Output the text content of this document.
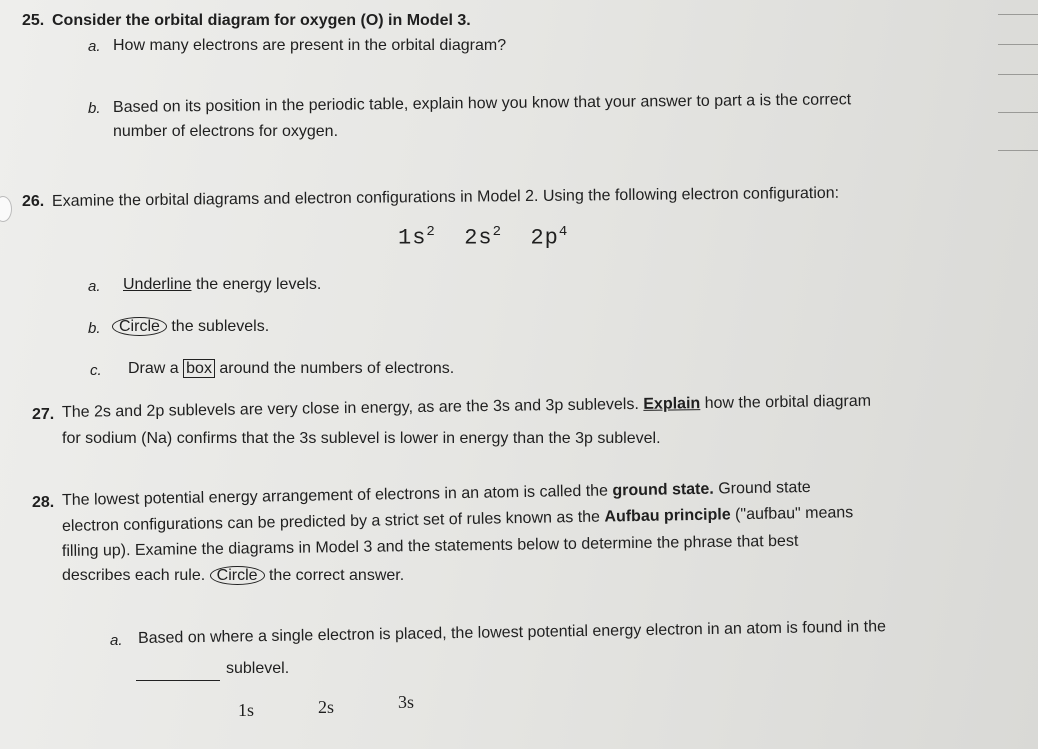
25. Consider the orbital diagram for oxygen (O) in Model 3.
a. How many electrons are present in the orbital diagram?
b. Based on its position in the periodic table, explain how you know that your answer to part a is the correct
number of electrons for oxygen.
26. Examine the orbital diagrams and electron configurations in Model 2. Using the following electron configuration:
$1s^2$ $2s^2$ $2p^4$
a. Underline the energy levels.
b.	Circle the sublevels.
c. Draw a box around the numbers of electrons.
27. The 2s and 2p sublevels are very close in energy, as are the 3s and 3p sublevels. Explain how the orbital diagram
for sodium (Na) confirms that the 3s sublevel is lower in energy than the 3p sublevel.
28. The lowest potential energy arrangement of electrons in an atom is called the ground state. Ground state
electron configurations can be predicted by a strict set of rules known as the Aufbau principle ("aufbau" means
filling up). Examine the diagrams in Model 3 and the statements below to determine the phrase that best
describes each rule. Circle the correct answer.
a. Based on where a single electron is placed, the lowest potential energy electron in an atom is found in the
sublevel.
1s	2s	3s
